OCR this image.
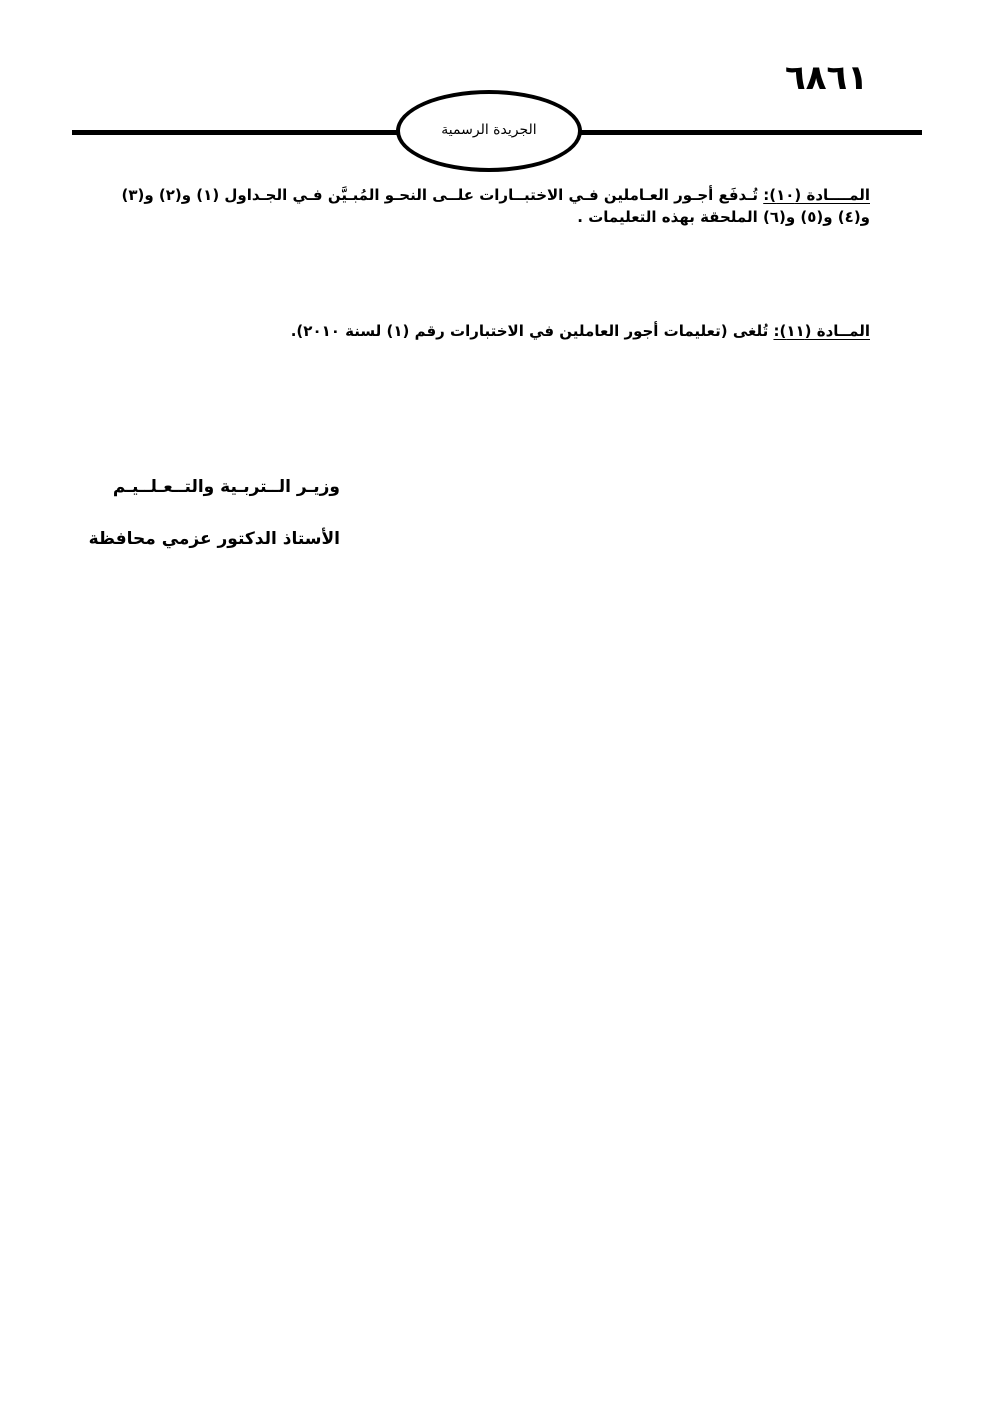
٦٨٦١
الجريدة الرسمية
المــــادة (١٠): تُـدفَع أجـور العـاملين فـي الاختبــارات علــى النحـو المُبـيَّن فـي الجـداول (١) و(٢) و(٣) و(٤) و(٥) و(٦) الملحقة بهذه التعليمات .
المــادة (١١): تُلغى (تعليمات أجور العاملين في الاختبارات رقم (١) لسنة ٢٠١٠).
وزيـر الــتربـية والتــعـلــيـم
الأستاذ الدكتور عزمي محافظة
